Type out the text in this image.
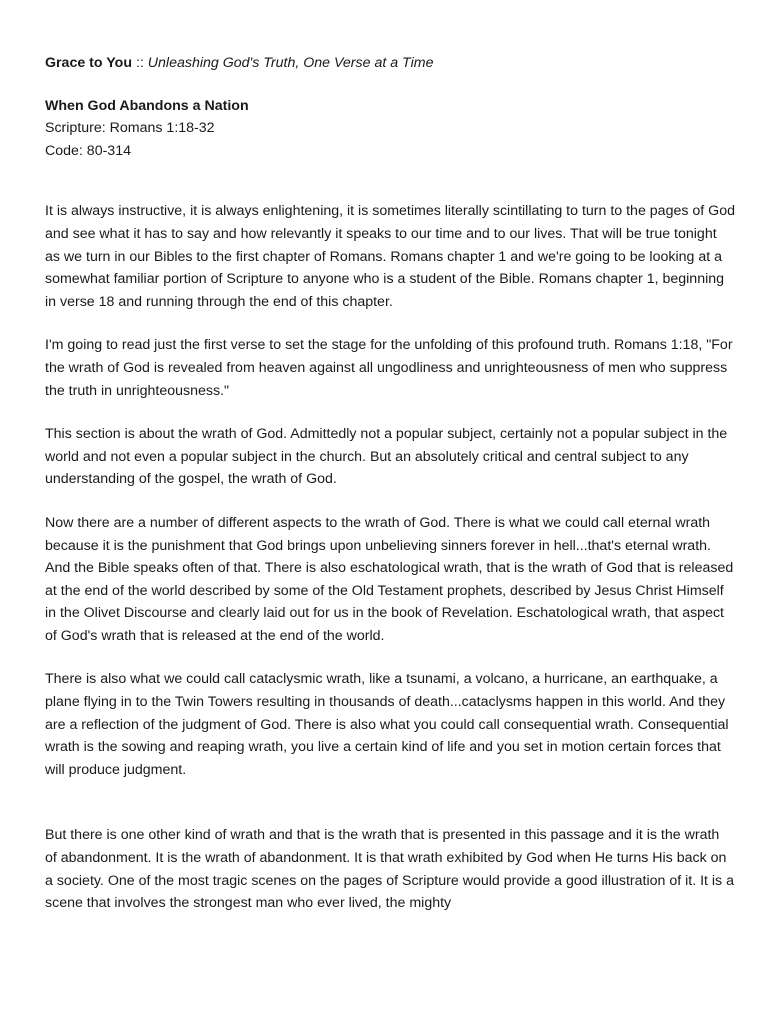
Grace to You :: Unleashing God's Truth, One Verse at a Time
When God Abandons a Nation
Scripture: Romans 1:18-32
Code: 80-314

It is always instructive, it is always enlightening, it is sometimes literally scintillating to turn to the pages of God and see what it has to say and how relevantly it speaks to our time and to our lives. That will be true tonight as we turn in our Bibles to the first chapter of Romans. Romans chapter 1 and we're going to be looking at a somewhat familiar portion of Scripture to anyone who is a student of the Bible. Romans chapter 1, beginning in verse 18 and running through the end of this chapter.

I'm going to read just the first verse to set the stage for the unfolding of this profound truth. Romans 1:18, "For the wrath of God is revealed from heaven against all ungodliness and unrighteousness of men who suppress the truth in unrighteousness."

This section is about the wrath of God. Admittedly not a popular subject, certainly not a popular subject in the world and not even a popular subject in the church. But an absolutely critical and central subject to any understanding of the gospel, the wrath of God.

Now there are a number of different aspects to the wrath of God. There is what we could call eternal wrath because it is the punishment that God brings upon unbelieving sinners forever in hell...that's eternal wrath. And the Bible speaks often of that. There is also eschatological wrath, that is the wrath of God that is released at the end of the world described by some of the Old Testament prophets, described by Jesus Christ Himself in the Olivet Discourse and clearly laid out for us in the book of Revelation. Eschatological wrath, that aspect of God's wrath that is released at the end of the world.

There is also what we could call cataclysmic wrath, like a tsunami, a volcano, a hurricane, an earthquake, a plane flying in to the Twin Towers resulting in thousands of death...cataclysms happen in this world. And they are a reflection of the judgment of God. There is also what you could call consequential wrath. Consequential wrath is the sowing and reaping wrath, you live a certain kind of life and you set in motion certain forces that will produce judgment.

But there is one other kind of wrath and that is the wrath that is presented in this passage and it is the wrath of abandonment. It is the wrath of abandonment. It is that wrath exhibited by God when He turns His back on a society. One of the most tragic scenes on the pages of Scripture would provide a good illustration of it. It is a scene that involves the strongest man who ever lived, the mighty
